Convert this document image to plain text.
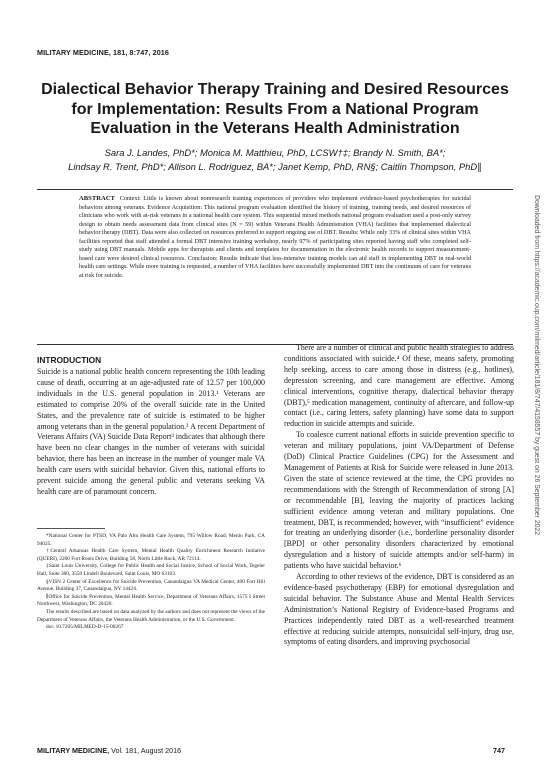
MILITARY MEDICINE, 181, 8:747, 2016
Dialectical Behavior Therapy Training and Desired Resources for Implementation: Results From a National Program Evaluation in the Veterans Health Administration
Sara J. Landes, PhD*; Monica M. Matthieu, PhD, LCSW†‡; Brandy N. Smith, BA*;
Lindsay R. Trent, PhD*; Allison L. Rodriguez, BA*; Janet Kemp, PhD, RN§; Caitlin Thompson, PhD∥
ABSTRACT Context: Little is known about nonresearch training experiences of providers who implement evidence-based psychotherapies for suicidal behaviors among veterans. Evidence Acquisition: This national program evaluation identified the history of training, training needs, and desired resources of clinicians who work with at-risk veterans in a national health care system. This sequential mixed methods national program evaluation used a post-only survey design to obtain needs assessment data from clinical sites (N = 59) within Veterans Health Administration (VHA) facilities that implemented dialectical behavior therapy (DBT). Data were also collected on resources preferred to support ongoing use of DBT. Results: While only 33% of clinical sites within VHA facilities reported that staff attended a formal DBT intensive training workshop, nearly 97% of participating sites reported having staff who completed self-study using DBT manuals. Mobile apps for therapists and clients and templates for documentation in the electronic health records to support measurement-based care were desired clinical resources. Conclusion: Results indicate that less-intensive training models can aid staff in implementing DBT in real-world health care settings. While more training is requested, a number of VHA facilities have successfully implemented DBT into the continuum of care for veterans at risk for suicide.
INTRODUCTION

Suicide is a national public health concern representing the 10th leading cause of death, occurring at an age-adjusted rate of 12.57 per 100,000 individuals in the U.S. general population in 2013.¹ Veterans are estimated to comprise 20% of the overall suicide rate in the United States, and the prevalence rate of suicide is estimated to be higher among veterans than in the general population.² A recent Department of Veterans Affairs (VA) Suicide Data Report³ indicates that although there have been no clear changes in the number of veterans with suicidal behavior, there has been an increase in the number of younger male VA health care users with suicidal behavior. Given this, national efforts to prevent suicide among the general public and veterans seeking VA health care are of paramount concern.

There are a number of clinical and public health strategies to address conditions associated with suicide.⁴ Of these, means safety, promoting help seeking, access to care among those in distress (e.g., hotlines), depression screening, and care management are effective. Among clinical interventions, cognitive therapy, dialectical behavior therapy (DBT),⁵ medication management, continuity of aftercare, and follow-up contact (i.e., caring letters, safety planning) have some data to support reduction in suicide attempts and suicide.

To coalesce current national efforts in suicide prevention specific to veteran and military populations, joint VA/Department of Defense (DoD) Clinical Practice Guidelines (CPG) for the Assessment and Management of Patients at Risk for Suicide were released in June 2013. Given the state of science reviewed at the time, the CPG provides no recommendations with the Strength of Recommendation of strong [A] or recommendable [B], leaving the majority of practices lacking sufficient evidence among veteran and military populations. One treatment, DBT, is recommended; however, with “insufficient” evidence for treating an underlying disorder (i.e., borderline personality disorder [BPD] or other personality disorders characterized by emotional dysregulation and a history of suicide attempts and/or self-harm) in patients who have suicidal behavior.⁶

According to other reviews of the evidence, DBT is considered as an evidence-based psychotherapy (EBP) for emotional dysregulation and suicidal behavior. The Substance Abuse and Mental Health Services Administration’s National Registry of Evidence-based Programs and Practices independently rated DBT as a well-researched treatment effective at reducing suicide attempts, nonsuicidal self-injury, drug use, symptoms of eating disorders, and improving psychosocial

*National Center for PTSD, VA Palo Alto Health Care System, 795 Willow Road, Menlo Park, CA 94025.

†Central Arkansas Health Care System, Mental Health Quality Enrichment Research Initiative (QUERI), 2200 Fort Roots Drive, Building 58, North Little Rock, AR 72114.

‡Saint Louis University, College for Public Health and Social Justice, School of Social Work, Tegeler Hall, Suite 300, 3550 Lindell Boulevard, Saint Louis, MO 63103.

§VISN 2 Center of Excellence for Suicide Prevention, Canandaigua VA Medical Center, 400 Fort Hill Avenue, Building 37, Canandaigua, NY 14424.

∥Office for Suicide Prevention, Mental Health Service, Department of Veterans Affairs, 1575 I Street Northwest, Washington, DC 20420.

The results described are based on data analyzed by the authors and does not represent the views of the Department of Veterans Affairs, the Veterans Health Administration, or the U.S. Government.

doi: 10.7205/MILMED-D-15-00267

Downloaded from https://academic.oup.com/milmed/article/181/8/747/4158557 by guest on 26 September 2022
MILITARY MEDICINE, Vol. 181, August 2016	747
